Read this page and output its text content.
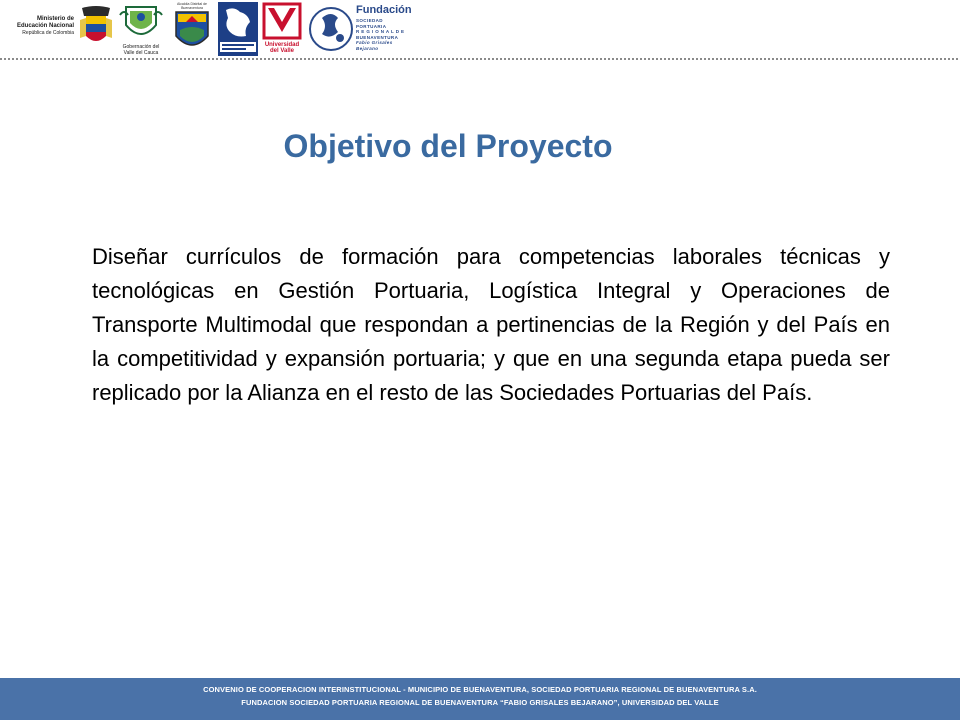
Ministerio de
Educación Nacional
República de Colombia
Gobernación del
Valle del Cauca
Alcaldía Distrital de Buenaventura
Universidad
del Valle
Fundación
SOCIEDAD PORTUARIA
R E G I O N A L D E
BUENAVENTURA
Fabio Grisales Bejarano
Objetivo del Proyecto

Diseñar currículos de formación para competencias laborales técnicas y tecnológicas en Gestión Portuaria, Logística Integral y Operaciones de Transporte Multimodal que respondan a pertinencias de la Región y del País en la competitividad y expansión portuaria; y que en una segunda etapa pueda ser replicado por la Alianza en el resto de las Sociedades Portuarias del País.

CONVENIO DE COOPERACION INTERINSTITUCIONAL - MUNICIPIO DE BUENAVENTURA, SOCIEDAD PORTUARIA REGIONAL DE BUENAVENTURA S.A.
FUNDACION SOCIEDAD PORTUARIA REGIONAL DE BUENAVENTURA “FABIO GRISALES BEJARANO”, UNIVERSIDAD DEL VALLE
